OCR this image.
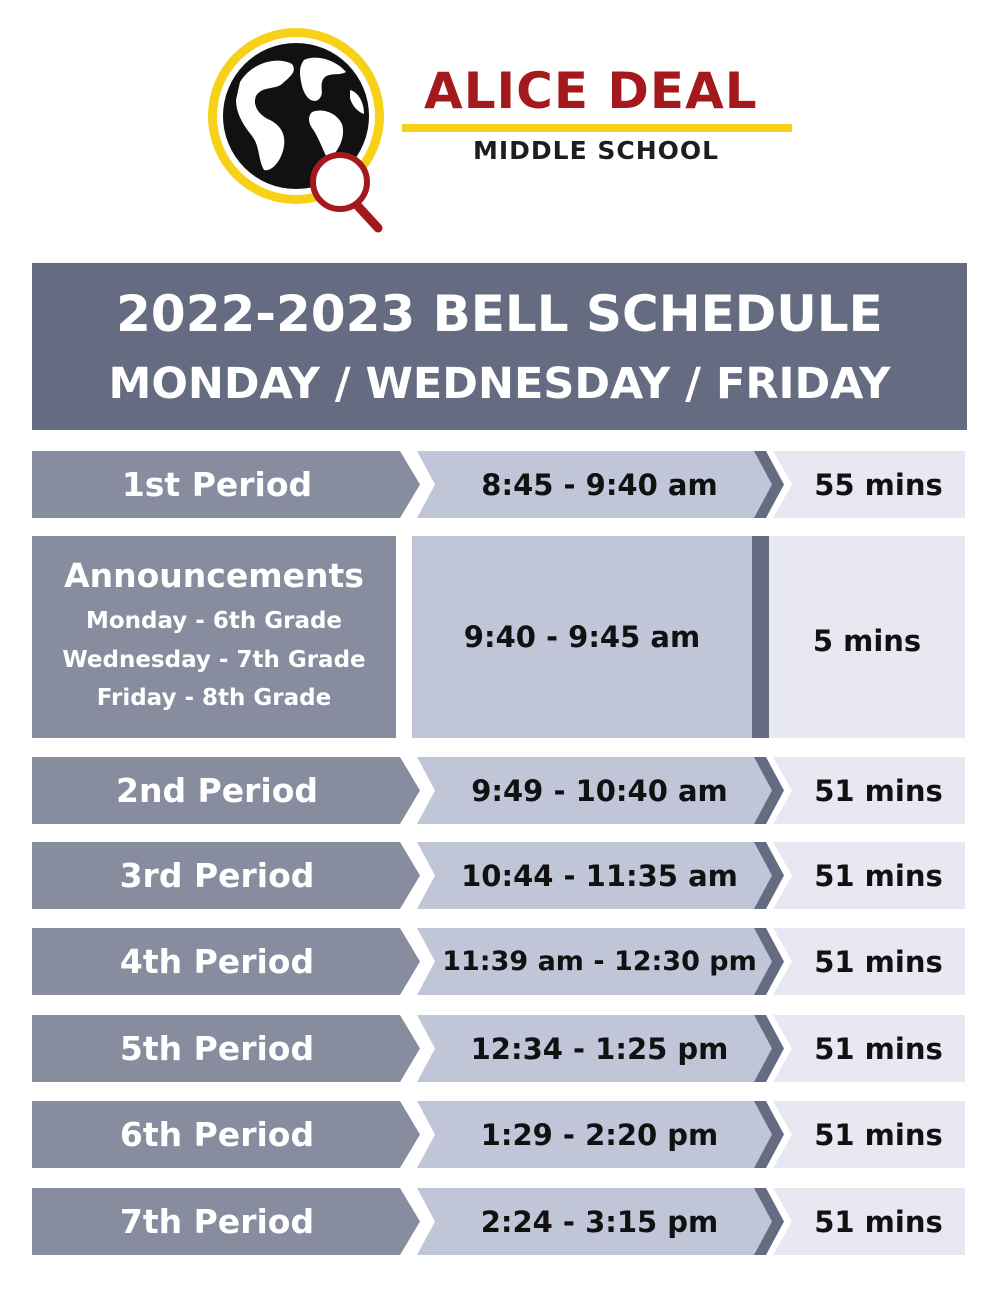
ALICE DEAL
MIDDLE SCHOOL
2022-2023 BELL SCHEDULE
MONDAY / WEDNESDAY / FRIDAY
1st Period	8:45 - 9:40 am	55 mins
Announcements
Monday - 6th Grade
Wednesday - 7th Grade
Friday - 8th Grade
9:40 - 9:45 am	5 mins
2nd Period	9:49 - 10:40 am	51 mins
3rd Period	10:44 - 11:35 am	51 mins
4th Period	11:39 am - 12:30 pm	51 mins
5th Period	12:34 - 1:25 pm	51 mins
6th Period	1:29 - 2:20 pm	51 mins
7th Period	2:24 - 3:15 pm	51 mins
